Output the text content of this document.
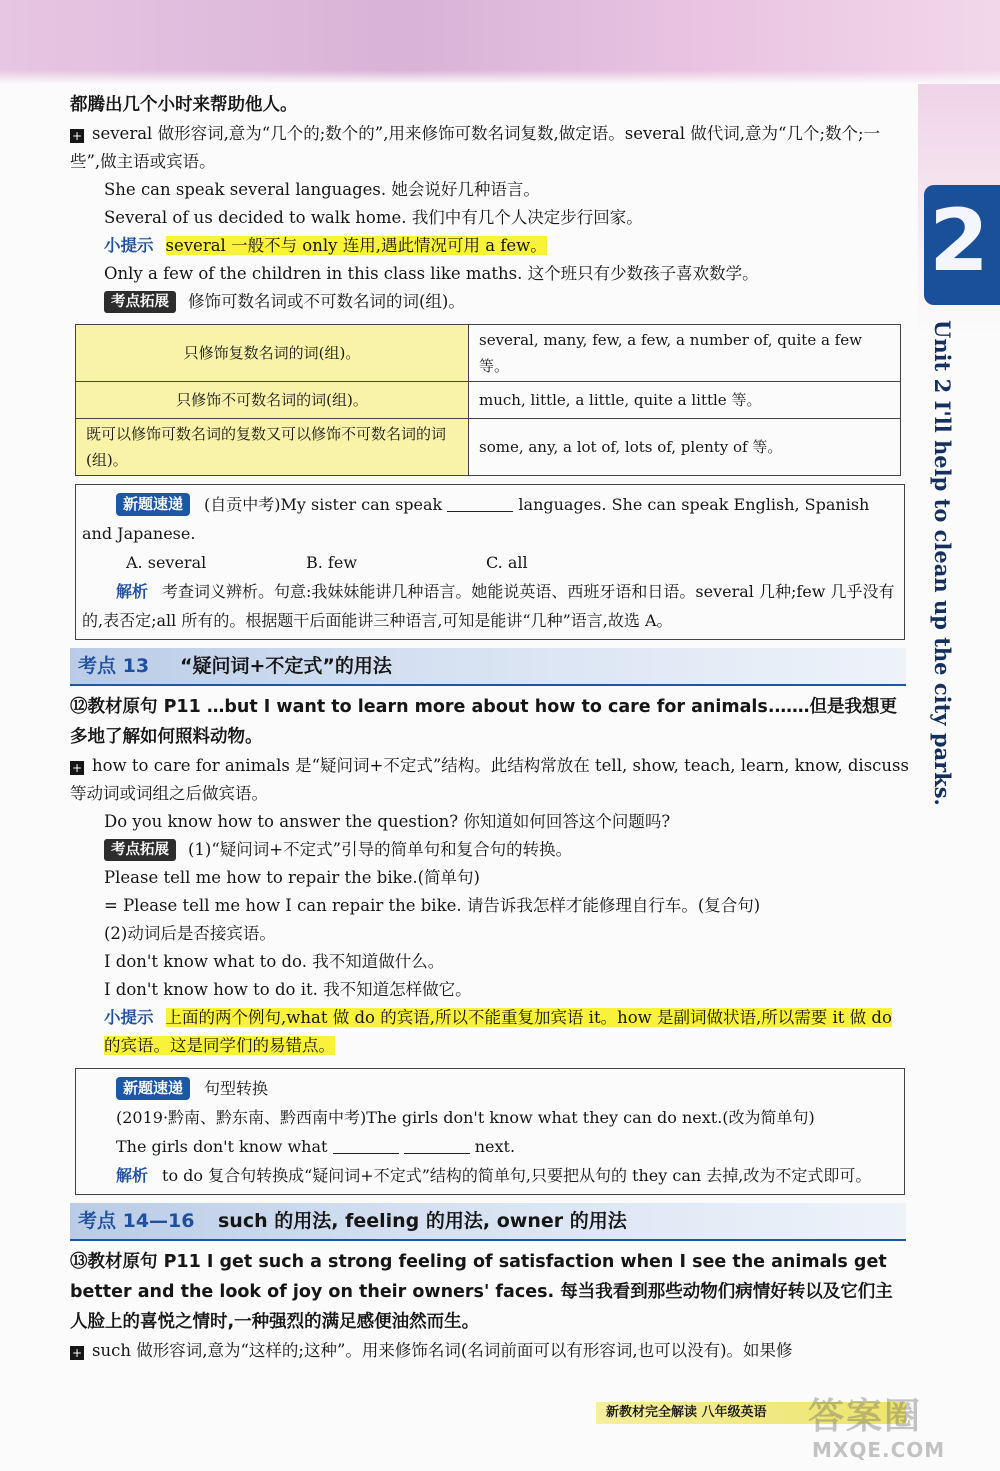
2
Unit 2 I'll help to clean up the city parks.

都腾出几个小时来帮助他人。

+ several 做形容词,意为“几个的;数个的”,用来修饰可数名词复数,做定语。several 做代词,意为“几个;数个;一些”,做主语或宾语。

She can speak several languages. 她会说好几种语言。

Several of us decided to walk home. 我们中有几个人决定步行回家。

小提示 several 一般不与 only 连用,遇此情况可用 a few。

Only a few of the children in this class like maths. 这个班只有少数孩子喜欢数学。

考点拓展 修饰可数名词或不可数名词的词(组)。

只修饰复数名词的词(组)。	several, many, few, a few, a number of, quite a few 等。
只修饰不可数名词的词(组)。	much, little, a little, quite a little 等。
既可以修饰可数名词的复数又可以修饰不可数名词的词(组)。	some, any, a lot of, lots of, plenty of 等。

新题速递 (自贡中考)My sister can speak	languages. She can speak English, Spanish and Japanese.

A. several	B. few	C. all

解析 考查词义辨析。句意:我妹妹能讲几种语言。她能说英语、西班牙语和日语。several 几种;few 几乎没有的,表否定;all 所有的。根据题干后面能讲三种语言,可知是能讲“几种”语言,故选 A。

考点 13 “疑问词+不定式”的用法

⑫教材原句 P11 …but I want to learn more about how to care for animals.……但是我想更多地了解如何照料动物。

+ how to care for animals 是“疑问词+不定式”结构。此结构常放在 tell, show, teach, learn, know, discuss 等动词或词组之后做宾语。

Do you know how to answer the question? 你知道如何回答这个问题吗?

考点拓展 (1)“疑问词+不定式”引导的简单句和复合句的转换。

Please tell me how to repair the bike.(简单句)

= Please tell me how I can repair the bike. 请告诉我怎样才能修理自行车。(复合句)

(2)动词后是否接宾语。

I don't know what to do. 我不知道做什么。

I don't know how to do it. 我不知道怎样做它。

小提示 上面的两个例句,what 做 do 的宾语,所以不能重复加宾语 it。how 是副词做状语,所以需要 it 做 do 的宾语。这是同学们的易错点。

新题速递 句型转换

(2019·黔南、黔东南、黔西南中考)The girls don't know what they can do next.(改为简单句)

The girls don't know what	next.

解析 to do 复合句转换成“疑问词+不定式”结构的简单句,只要把从句的 they can 去掉,改为不定式即可。

考点 14—16 such 的用法, feeling 的用法, owner 的用法

⑬教材原句 P11 I get such a strong feeling of satisfaction when I see the animals get better and the look of joy on their owners' faces. 每当我看到那些动物们病情好转以及它们主人脸上的喜悦之情时,一种强烈的满足感便油然而生。

+ such 做形容词,意为“这样的;这种”。用来修饰名词(名词前面可以有形容词,也可以没有)。如果修

新教材完全解读 八年级英语	答案圈
MXQE.COM
